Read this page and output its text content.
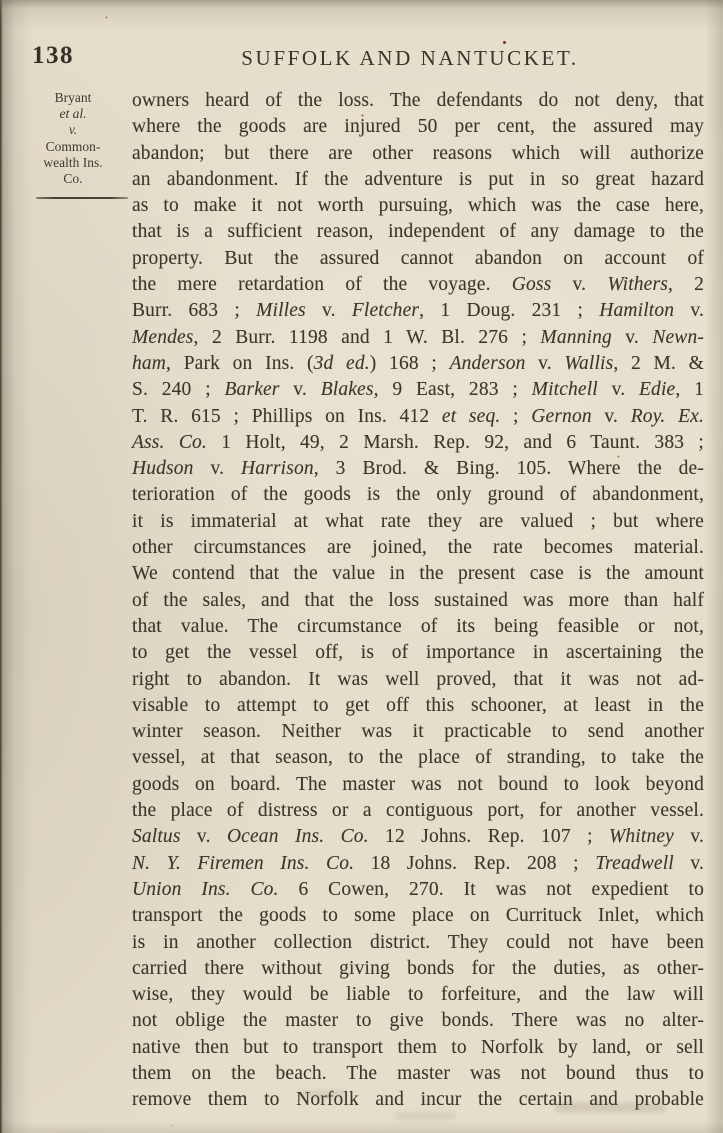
138	SUFFOLK AND NANTUCKET.
Bryant
et al.
v.
Common-
wealth Ins.
Co.
owners heard of the loss. The defendants do not deny, that
where the goods are injured 50 per cent, the assured may
abandon; but there are other reasons which will authorize
an abandonment. If the adventure is put in so great hazard
as to make it not worth pursuing, which was the case here,
that is a sufficient reason, independent of any damage to the
property. But the assured cannot abandon on account of
the mere retardation of the voyage. Goss v. Withers, 2
Burr. 683 ; Milles v. Fletcher, 1 Doug. 231 ; Hamilton v.
Mendes, 2 Burr. 1198 and 1 W. Bl. 276 ; Manning v. Newn-
ham, Park on Ins. (3d ed.) 168 ; Anderson v. Wallis, 2 M. &
S. 240 ; Barker v. Blakes, 9 East, 283 ; Mitchell v. Edie, 1
T. R. 615 ; Phillips on Ins. 412 et seq. ; Gernon v. Roy. Ex.
Ass. Co. 1 Holt, 49, 2 Marsh. Rep. 92, and 6 Taunt. 383 ;
Hudson v. Harrison, 3 Brod. & Bing. 105. Where the de-
terioration of the goods is the only ground of abandonment,
it is immaterial at what rate they are valued ; but where
other circumstances are joined, the rate becomes material.
We contend that the value in the present case is the amount
of the sales, and that the loss sustained was more than half
that value. The circumstance of its being feasible or not,
to get the vessel off, is of importance in ascertaining the
right to abandon. It was well proved, that it was not ad-
visable to attempt to get off this schooner, at least in the
winter season. Neither was it practicable to send another
vessel, at that season, to the place of stranding, to take the
goods on board. The master was not bound to look beyond
the place of distress or a contiguous port, for another vessel.
Saltus v. Ocean Ins. Co. 12 Johns. Rep. 107 ; Whitney v.
N. Y. Firemen Ins. Co. 18 Johns. Rep. 208 ; Treadwell v.
Union Ins. Co. 6 Cowen, 270. It was not expedient to
transport the goods to some place on Currituck Inlet, which
is in another collection district. They could not have been
carried there without giving bonds for the duties, as other-
wise, they would be liable to forfeiture, and the law will
not oblige the master to give bonds. There was no alter-
native then but to transport them to Norfolk by land, or sell
them on the beach. The master was not bound thus to
remove them to Norfolk and incur the certain and probable
